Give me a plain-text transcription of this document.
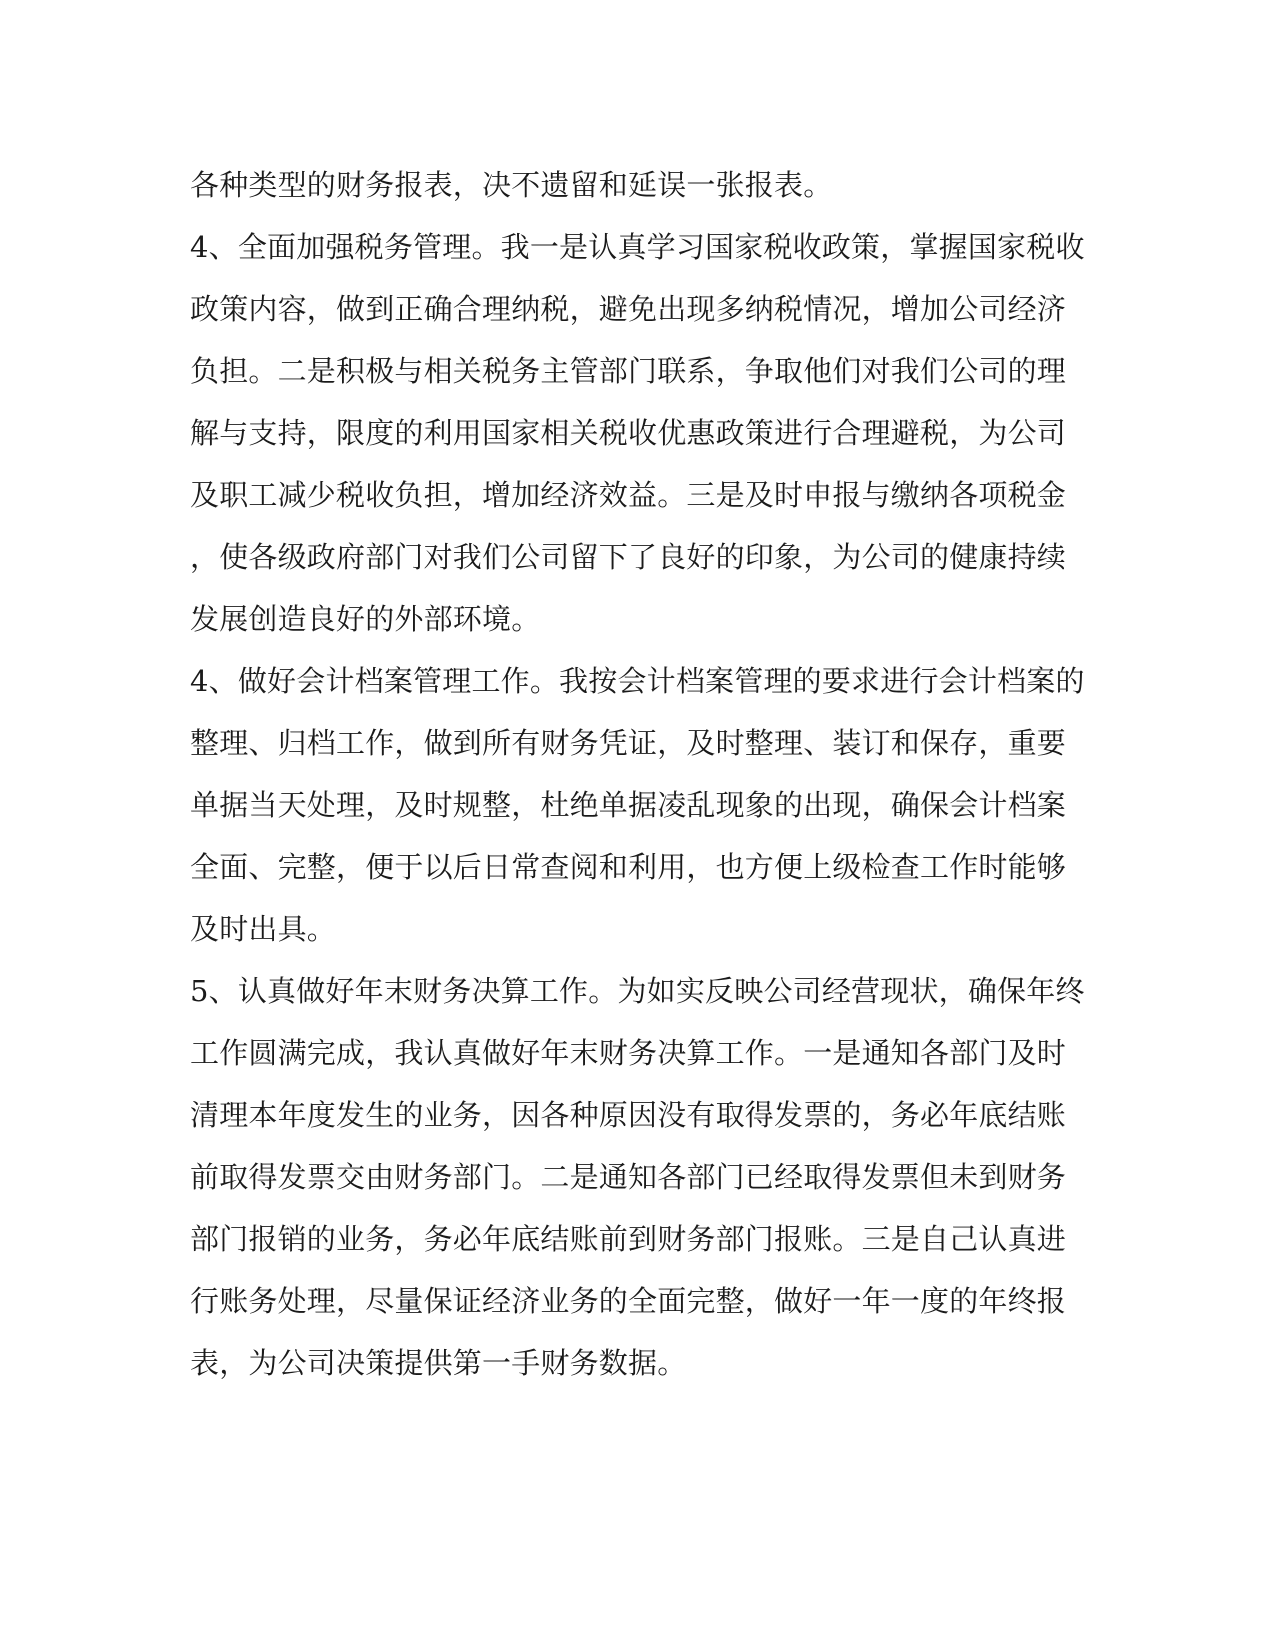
各种类型的财务报表，决不遗留和延误一张报表。
4、全面加强税务管理。我一是认真学习国家税收政策，掌握国家税收
政策内容，做到正确合理纳税，避免出现多纳税情况，增加公司经济
负担。二是积极与相关税务主管部门联系，争取他们对我们公司的理
解与支持，限度的利用国家相关税收优惠政策进行合理避税，为公司
及职工减少税收负担，增加经济效益。三是及时申报与缴纳各项税金
，使各级政府部门对我们公司留下了良好的印象，为公司的健康持续
发展创造良好的外部环境。
4、做好会计档案管理工作。我按会计档案管理的要求进行会计档案的
整理、归档工作，做到所有财务凭证，及时整理、装订和保存，重要
单据当天处理，及时规整，杜绝单据凌乱现象的出现，确保会计档案
全面、完整，便于以后日常查阅和利用，也方便上级检查工作时能够
及时出具。
5、认真做好年末财务决算工作。为如实反映公司经营现状，确保年终
工作圆满完成，我认真做好年末财务决算工作。一是通知各部门及时
清理本年度发生的业务，因各种原因没有取得发票的，务必年底结账
前取得发票交由财务部门。二是通知各部门已经取得发票但未到财务
部门报销的业务，务必年底结账前到财务部门报账。三是自己认真进
行账务处理，尽量保证经济业务的全面完整，做好一年一度的年终报
表，为公司决策提供第一手财务数据。
